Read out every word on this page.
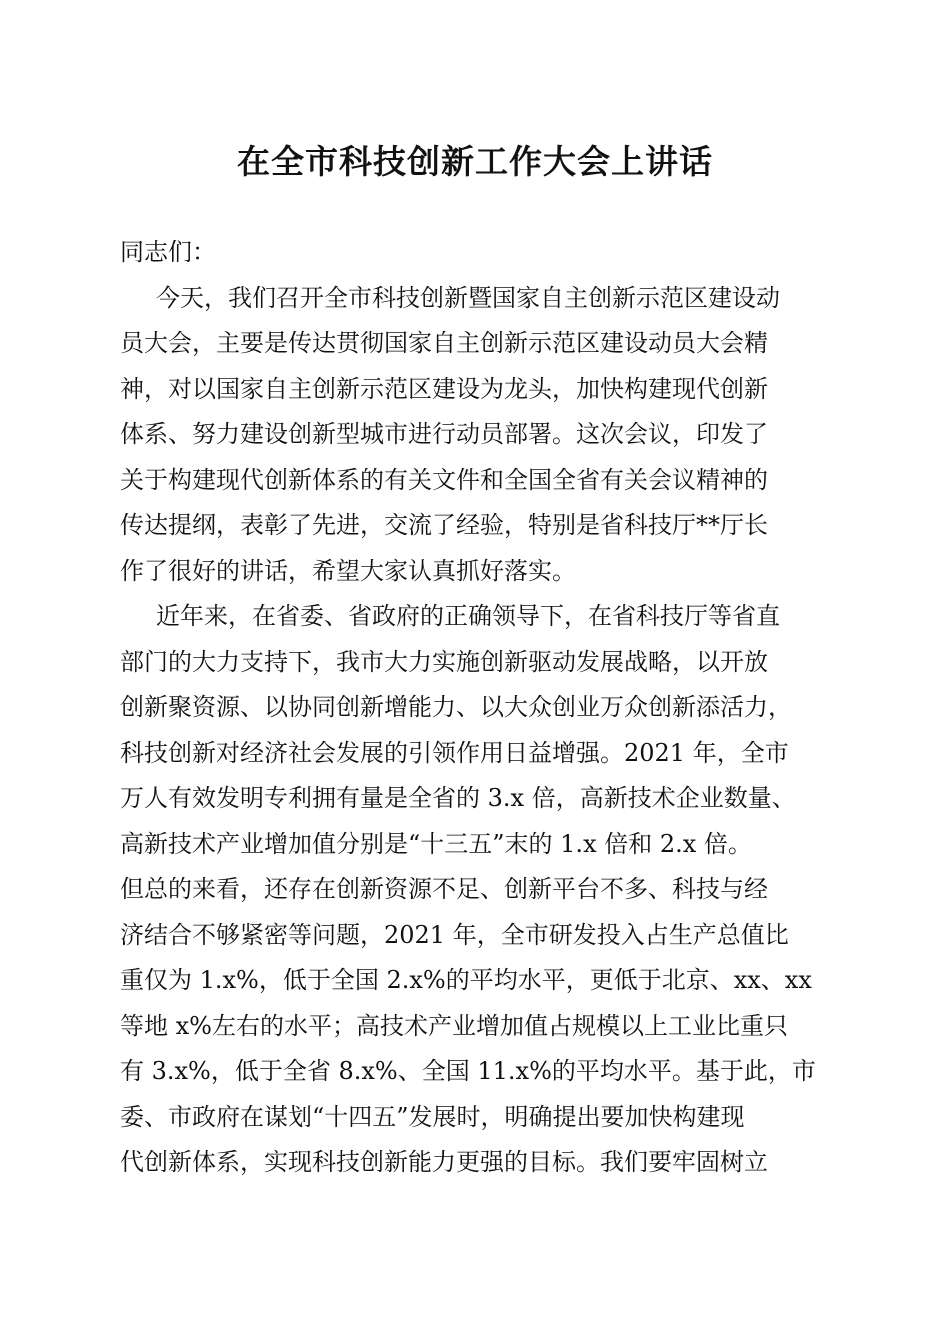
在全市科技创新工作大会上讲话
同志们：
今天，我们召开全市科技创新暨国家自主创新示范区建设动
员大会，主要是传达贯彻国家自主创新示范区建设动员大会精
神，对以国家自主创新示范区建设为龙头，加快构建现代创新
体系、努力建设创新型城市进行动员部署。这次会议，印发了
关于构建现代创新体系的有关文件和全国全省有关会议精神的
传达提纲，表彰了先进，交流了经验，特别是省科技厅**厅长
作了很好的讲话，希望大家认真抓好落实。
近年来，在省委、省政府的正确领导下，在省科技厅等省直
部门的大力支持下，我市大力实施创新驱动发展战略，以开放
创新聚资源、以协同创新增能力、以大众创业万众创新添活力，
科技创新对经济社会发展的引领作用日益增强。2021 年，全市
万人有效发明专利拥有量是全省的 3.x 倍，高新技术企业数量、
高新技术产业增加值分别是“十三五”末的 1.x 倍和 2.x 倍。
但总的来看，还存在创新资源不足、创新平台不多、科技与经
济结合不够紧密等问题，2021 年，全市研发投入占生产总值比
重仅为 1.x%，低于全国 2.x%的平均水平，更低于北京、xx、xx
等地 x%左右的水平；高技术产业增加值占规模以上工业比重只
有 3.x%，低于全省 8.x%、全国 11.x%的平均水平。基于此，市
委、市政府在谋划“十四五”发展时，明确提出要加快构建现
代创新体系，实现科技创新能力更强的目标。我们要牢固树立
